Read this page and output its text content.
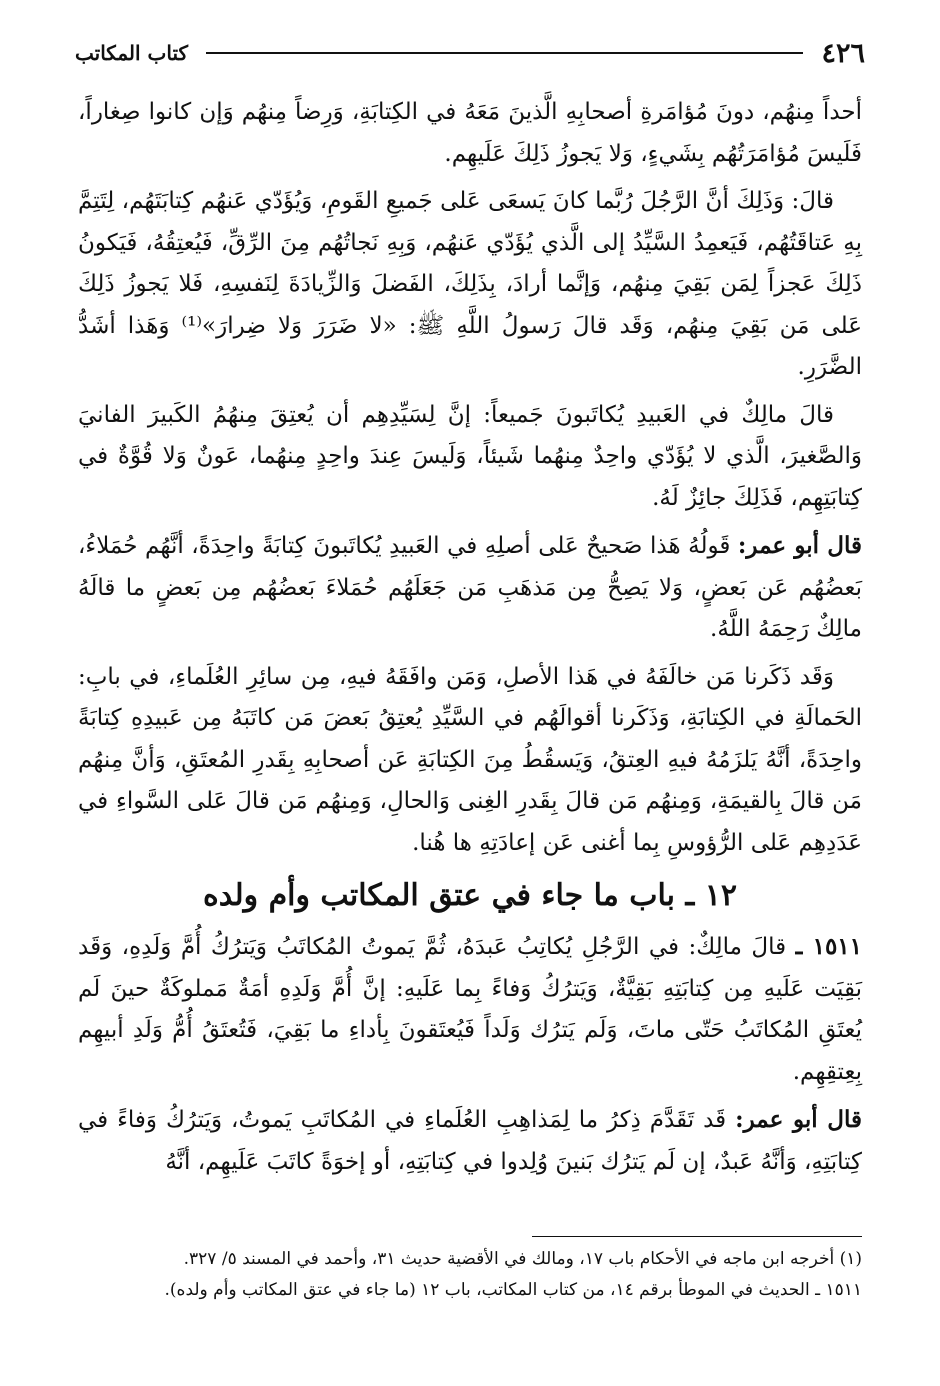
٤٢٦
كتاب المكاتب

أحداً مِنهُم، دونَ مُؤامَرةِ أصحابِهِ الَّذينَ مَعَهُ في الكِتابَةِ، وَرِضاً مِنهُم وَإن كانوا صِغاراً، فَلَيسَ مُؤامَرَتُهُم بِشَيءٍ، وَلا يَجوزُ ذَلِكَ عَلَيهِم.

قالَ: وَذَلِكَ أنَّ الرَّجُلَ رُبَّما كانَ يَسعَى عَلى جَميعِ القَومِ، وَيُؤَدّي عَنهُم كِتابَتَهُم، لِتَتِمَّ بِهِ عَتاقَتُهُم، فَيَعمِدُ السَّيِّدُ إلى الَّذي يُؤَدّي عَنهُم، وَبِهِ نَجاتُهُم مِنَ الرِّقِّ، فَيُعتِقُهُ، فَيَكونُ ذَلِكَ عَجزاً لِمَن بَقِيَ مِنهُم، وَإنَّما أرادَ، بِذَلِكَ، الفَضلَ وَالزِّيادَةَ لِنَفسِهِ، فَلا يَجوزُ ذَلِكَ عَلى مَن بَقِيَ مِنهُم، وَقَد قالَ رَسولُ اللَّهِ ﷺ: «لا ضَرَرَ وَلا ضِرارَ»⁽¹⁾ وَهَذا أشَدُّ الضَّرَرِ.

قالَ مالِكٌ في العَبيدِ يُكاتَبونَ جَميعاً: إنَّ لِسَيِّدِهِم أن يُعتِقَ مِنهُمُ الكَبيرَ الفانيَ وَالصَّغيرَ، الَّذي لا يُؤَدّي واحِدٌ مِنهُما شَيئاً، وَلَيسَ عِندَ واحِدٍ مِنهُما، عَونٌ وَلا قُوَّةٌ في كِتابَتِهِم، فَذَلِكَ جائِزٌ لَهُ.

قال أبو عمر: قَولُهُ هَذا صَحيحٌ عَلى أصلِهِ في العَبيدِ يُكاتَبونَ كِتابَةً واحِدَةً، أنَّهُم حُمَلاءُ، بَعضُهُم عَن بَعضٍ، وَلا يَصِحُّ مِن مَذهَبِ مَن جَعَلَهُم حُمَلاءَ بَعضُهُم مِن بَعضٍ ما قالَهُ مالِكٌ رَحِمَهُ اللَّهُ.

وَقَد ذَكَرنا مَن خالَفَهُ في هَذا الأصلِ، وَمَن وافَقَهُ فيهِ، مِن سائِرِ العُلَماءِ، في بابِ: الحَمالَةِ في الكِتابَةِ، وَذَكَرنا أقوالَهُم في السَّيِّدِ يُعتِقُ بَعضَ مَن كاتَبَهُ مِن عَبيدِهِ كِتابَةً واحِدَةً، أنَّهُ يَلزَمُهُ فيهِ العِتقُ، وَيَسقُطُ مِنَ الكِتابَةِ عَن أصحابِهِ بِقَدرِ المُعتَقِ، وَأنَّ مِنهُم مَن قالَ بِالقيمَةِ، وَمِنهُم مَن قالَ بِقَدرِ الغِنى وَالحالِ، وَمِنهُم مَن قالَ عَلى السَّواءِ في عَدَدِهِم عَلى الرُّؤوسِ بِما أغنى عَن إعادَتِهِ ها هُنا.

١٢ ـ باب ما جاء في عتق المكاتب وأم ولده

١٥١١ ـ قالَ مالِكٌ: في الرَّجُلِ يُكاتِبُ عَبدَهُ، ثُمَّ يَموتُ المُكاتَبُ وَيَترُكُ أُمَّ وَلَدِهِ، وَقَد بَقِيَت عَلَيهِ مِن كِتابَتِهِ بَقِيَّةٌ، وَيَترُكُ وَفاءً بِما عَلَيهِ: إنَّ أُمَّ وَلَدِهِ أمَةٌ مَملوكَةٌ حينَ لَم يُعتَقِ المُكاتَبُ حَتّى ماتَ، وَلَم يَترُك وَلَداً فَيُعتَقونَ بِأداءِ ما بَقِيَ، فَتُعتَقُ أُمُّ وَلَدِ أبيهِم بِعِتقِهِم.

قال أبو عمر: قَد تَقَدَّمَ ذِكرُ ما لِمَذاهِبِ العُلَماءِ في المُكاتَبِ يَموتُ، وَيَترُكُ وَفاءً في كِتابَتِهِ، وَأنَّهُ عَبدٌ، إن لَم يَترُك بَنينَ وُلِدوا في كِتابَتِهِ، أو إخوَةً كاتَبَ عَلَيهِم، أنَّهُ

(١) أخرجه ابن ماجه في الأحكام باب ١٧، ومالك في الأقضية حديث ٣١، وأحمد في المسند ٥/ ٣٢٧.

١٥١١ ـ الحديث في الموطأ برقم ١٤، من كتاب المكاتب، باب ١٢ (ما جاء في عتق المكاتب وأم ولده).
